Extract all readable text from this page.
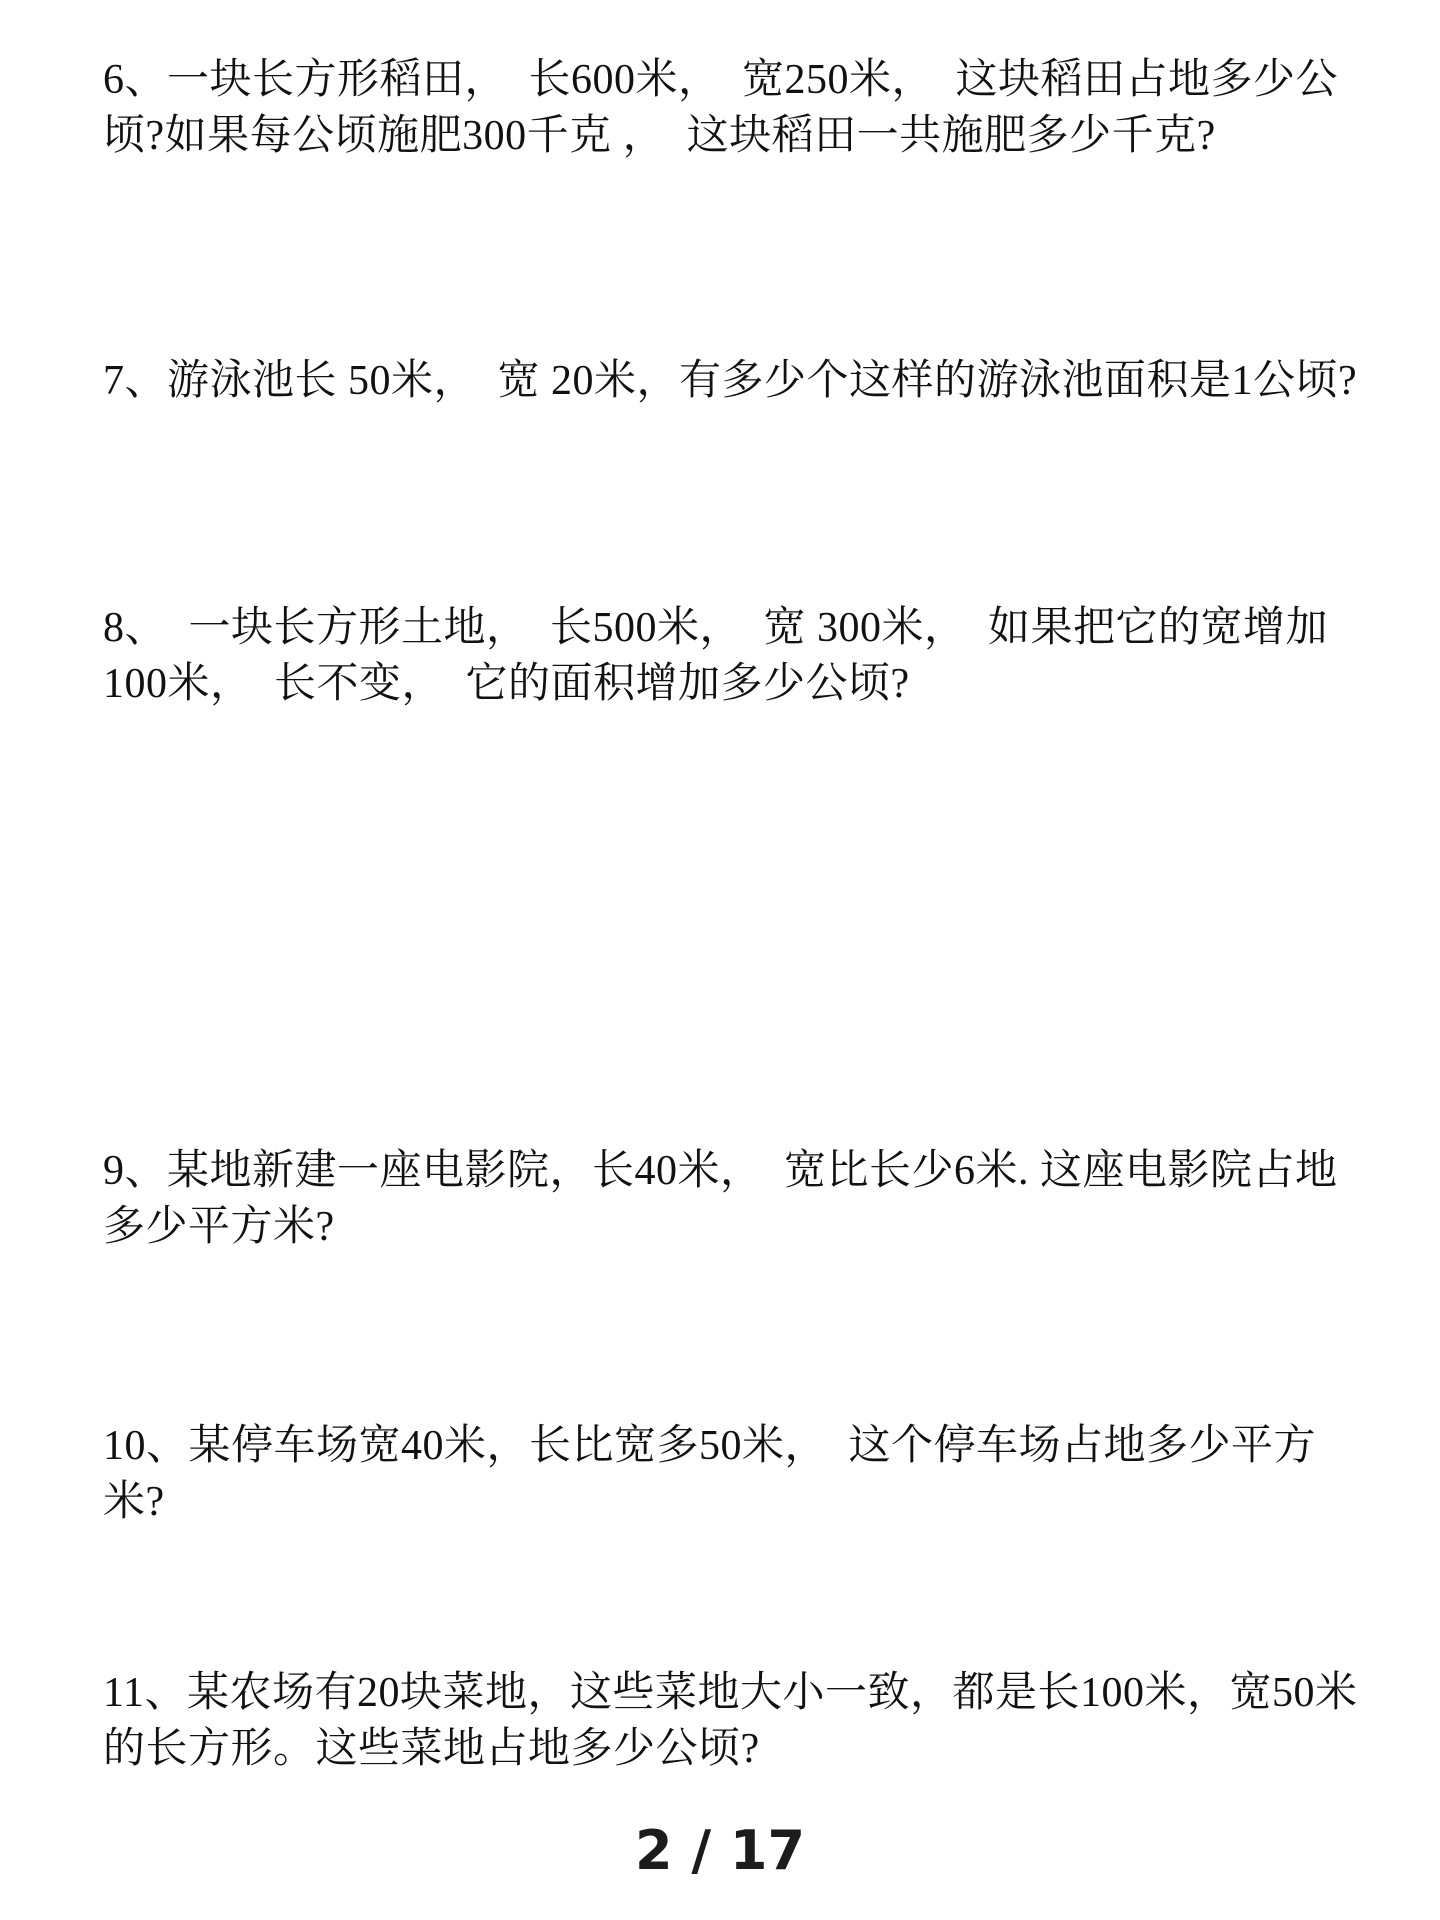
6、一块长方形稻田，　长600米，　宽250米，　这块稻田占地多少公顷?如果每公顷施肥300千克 ，　这块稻田一共施肥多少千克?
7、游泳池长 50米，　宽 20米，有多少个这样的游泳池面积是1公顷?
8、　一块长方形土地，　长500米，　宽 300米，　如果把它的宽增加100米，　长不变，　它的面积增加多少公顷?
9、某地新建一座电影院，长40米，　宽比长少6米. 这座电影院占地多少平方米?
10、某停车场宽40米，长比宽多50米，　这个停车场占地多少平方米?
11、某农场有20块菜地，这些菜地大小一致，都是长100米，宽50米的长方形。这些菜地占地多少公顷?
2 / 17
